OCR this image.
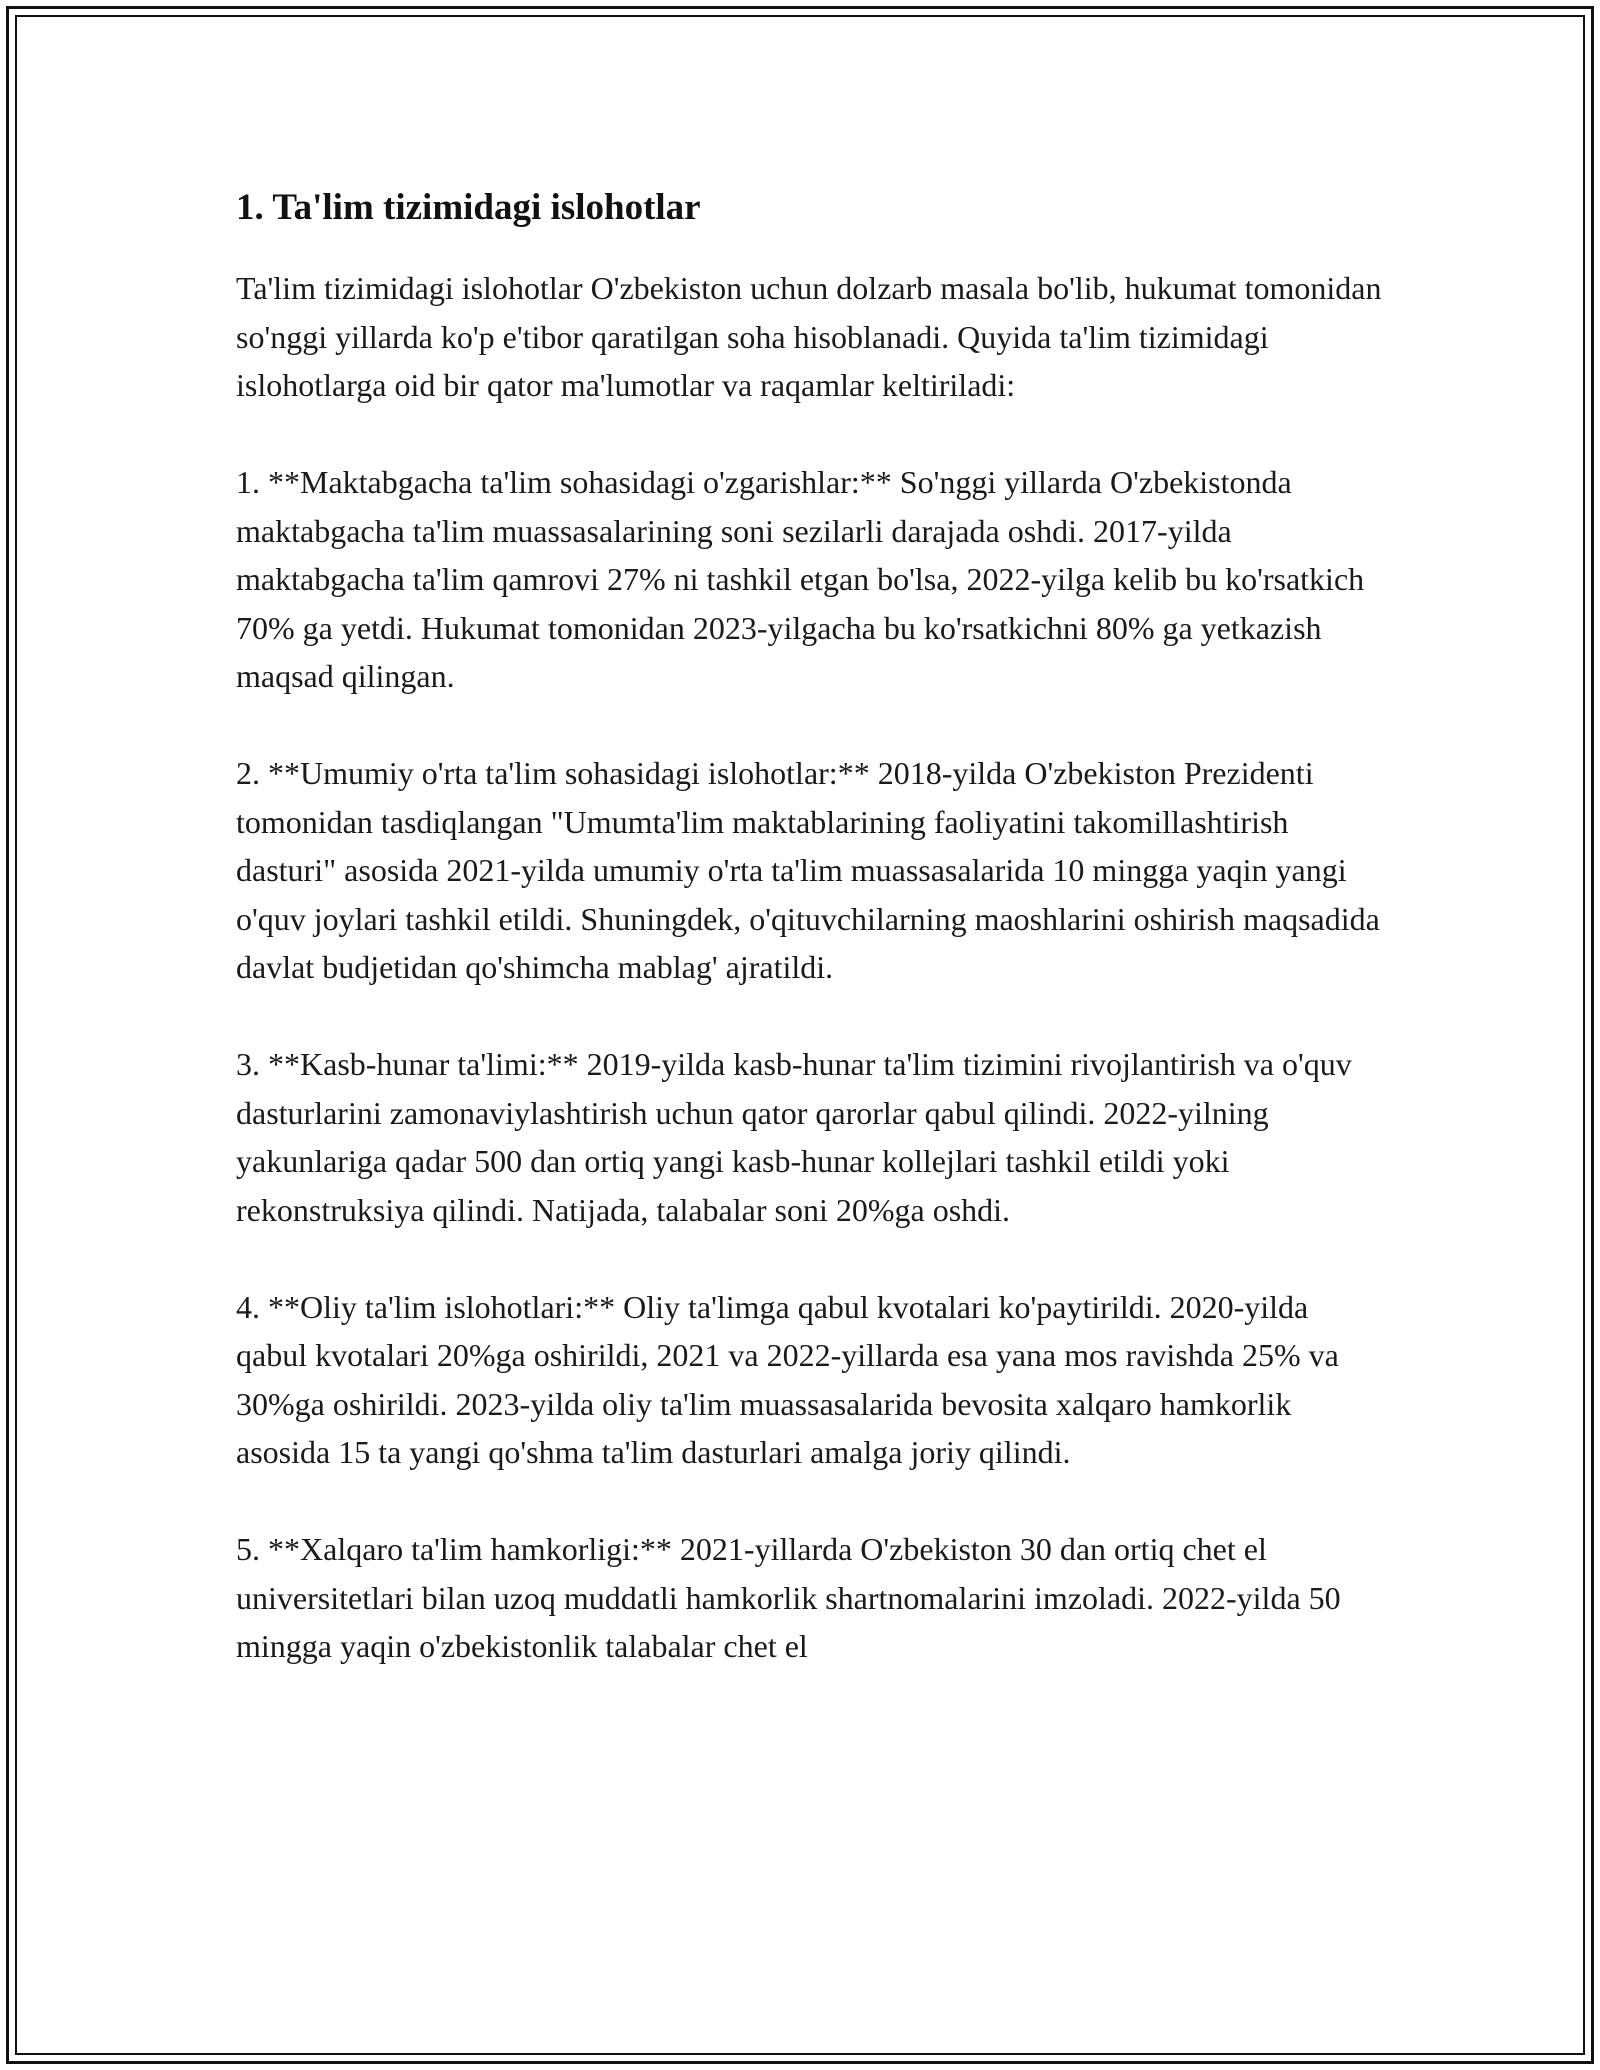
1. Ta'lim tizimidagi islohotlar

Ta'lim tizimidagi islohotlar O'zbekiston uchun dolzarb masala bo'lib, hukumat tomonidan so'nggi yillarda ko'p e'tibor qaratilgan soha hisoblanadi. Quyida ta'lim tizimidagi islohotlarga oid bir qator ma'lumotlar va raqamlar keltiriladi:

1. **Maktabgacha ta'lim sohasidagi o'zgarishlar:** So'nggi yillarda O'zbekistonda maktabgacha ta'lim muassasalarining soni sezilarli darajada oshdi. 2017-yilda maktabgacha ta'lim qamrovi 27% ni tashkil etgan bo'lsa, 2022-yilga kelib bu ko'rsatkich 70% ga yetdi. Hukumat tomonidan 2023-yilgacha bu ko'rsatkichni 80% ga yetkazish maqsad qilingan.

2. **Umumiy o'rta ta'lim sohasidagi islohotlar:** 2018-yilda O'zbekiston Prezidenti tomonidan tasdiqlangan "Umumta'lim maktablarining faoliyatini takomillashtirish dasturi" asosida 2021-yilda umumiy o'rta ta'lim muassasalarida 10 mingga yaqin yangi o'quv joylari tashkil etildi. Shuningdek, o'qituvchilarning maoshlarini oshirish maqsadida davlat budjetidan qo'shimcha mablag' ajratildi.

3. **Kasb-hunar ta'limi:** 2019-yilda kasb-hunar ta'lim tizimini rivojlantirish va o'quv dasturlarini zamonaviylashtirish uchun qator qarorlar qabul qilindi. 2022-yilning yakunlariga qadar 500 dan ortiq yangi kasb-hunar kollejlari tashkil etildi yoki rekonstruksiya qilindi. Natijada, talabalar soni 20%ga oshdi.

4. **Oliy ta'lim islohotlari:** Oliy ta'limga qabul kvotalari ko'paytirildi. 2020-yilda qabul kvotalari 20%ga oshirildi, 2021 va 2022-yillarda esa yana mos ravishda 25% va 30%ga oshirildi. 2023-yilda oliy ta'lim muassasalarida bevosita xalqaro hamkorlik asosida 15 ta yangi qo'shma ta'lim dasturlari amalga joriy qilindi.

5. **Xalqaro ta'lim hamkorligi:** 2021-yillarda O'zbekiston 30 dan ortiq chet el universitetlari bilan uzoq muddatli hamkorlik shartnomalarini imzoladi. 2022-yilda 50 mingga yaqin o'zbekistonlik talabalar chet el
